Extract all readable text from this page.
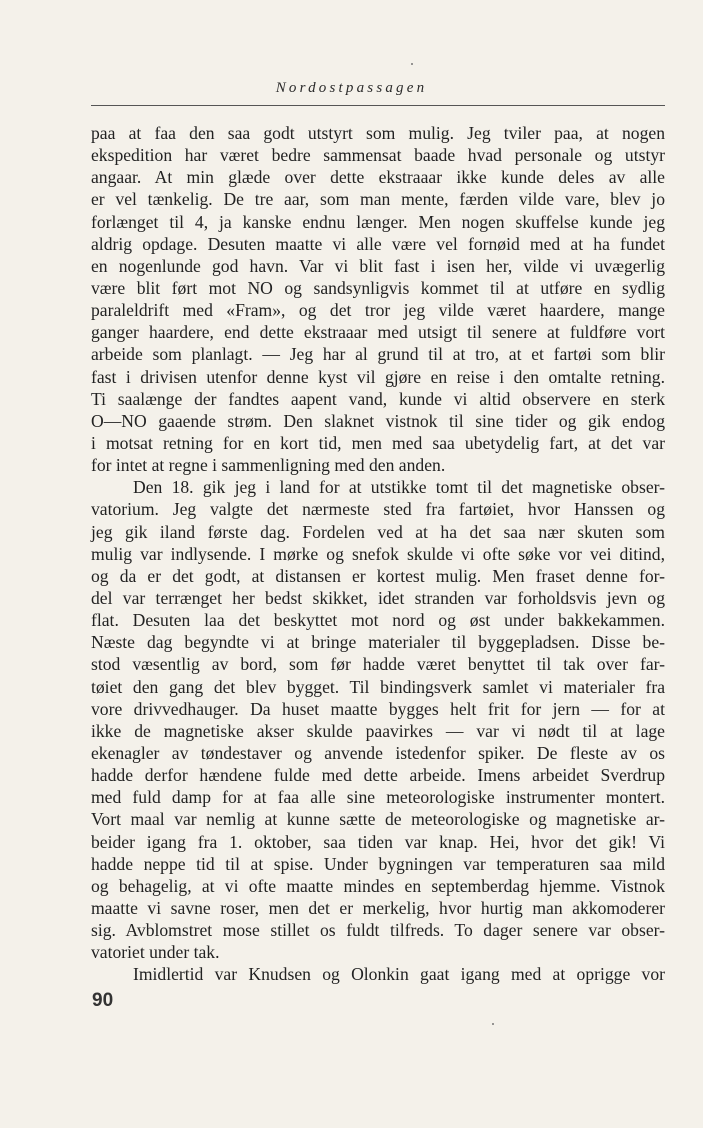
Nordostpassagen
paa at faa den saa godt utstyrt som mulig. Jeg tviler paa, at nogen
ekspedition har været bedre sammensat baade hvad personale og utstyr
angaar. At min glæde over dette ekstraaar ikke kunde deles av alle
er vel tænkelig. De tre aar, som man mente, færden vilde vare, blev jo
forlænget til 4, ja kanske endnu længer. Men nogen skuffelse kunde jeg
aldrig opdage. Desuten maatte vi alle være vel fornøid med at ha fundet
en nogenlunde god havn. Var vi blit fast i isen her, vilde vi uvægerlig
være blit ført mot NO og sandsynligvis kommet til at utføre en sydlig
paraleldrift med «Fram», og det tror jeg vilde været haardere, mange
ganger haardere, end dette ekstraaar med utsigt til senere at fuldføre vort
arbeide som planlagt. — Jeg har al grund til at tro, at et fartøi som blir
fast i drivisen utenfor denne kyst vil gjøre en reise i den omtalte retning.
Ti saalænge der fandtes aapent vand, kunde vi altid observere en sterk
O—NO gaaende strøm. Den slaknet vistnok til sine tider og gik endog
i motsat retning for en kort tid, men med saa ubetydelig fart, at det var
for intet at regne i sammenligning med den anden.
Den 18. gik jeg i land for at utstikke tomt til det magnetiske obser-
vatorium. Jeg valgte det nærmeste sted fra fartøiet, hvor Hanssen og
jeg gik iland første dag. Fordelen ved at ha det saa nær skuten som
mulig var indlysende. I mørke og snefok skulde vi ofte søke vor vei ditind,
og da er det godt, at distansen er kortest mulig. Men fraset denne for-
del var terrænget her bedst skikket, idet stranden var forholdsvis jevn og
flat. Desuten laa det beskyttet mot nord og øst under bakkekammen.
Næste dag begyndte vi at bringe materialer til byggepladsen. Disse be-
stod væsentlig av bord, som før hadde været benyttet til tak over far-
tøiet den gang det blev bygget. Til bindingsverk samlet vi materialer fra
vore drivvedhauger. Da huset maatte bygges helt frit for jern — for at
ikke de magnetiske akser skulde paavirkes — var vi nødt til at lage
ekenagler av tøndestaver og anvende istedenfor spiker. De fleste av os
hadde derfor hændene fulde med dette arbeide. Imens arbeidet Sverdrup
med fuld damp for at faa alle sine meteorologiske instrumenter montert.
Vort maal var nemlig at kunne sætte de meteorologiske og magnetiske ar-
beider igang fra 1. oktober, saa tiden var knap. Hei, hvor det gik! Vi
hadde neppe tid til at spise. Under bygningen var temperaturen saa mild
og behagelig, at vi ofte maatte mindes en septemberdag hjemme. Vistnok
maatte vi savne roser, men det er merkelig, hvor hurtig man akkomoderer
sig. Avblomstret mose stillet os fuldt tilfreds. To dager senere var obser-
vatoriet under tak.
Imidlertid var Knudsen og Olonkin gaat igang med at oprigge vor
90
